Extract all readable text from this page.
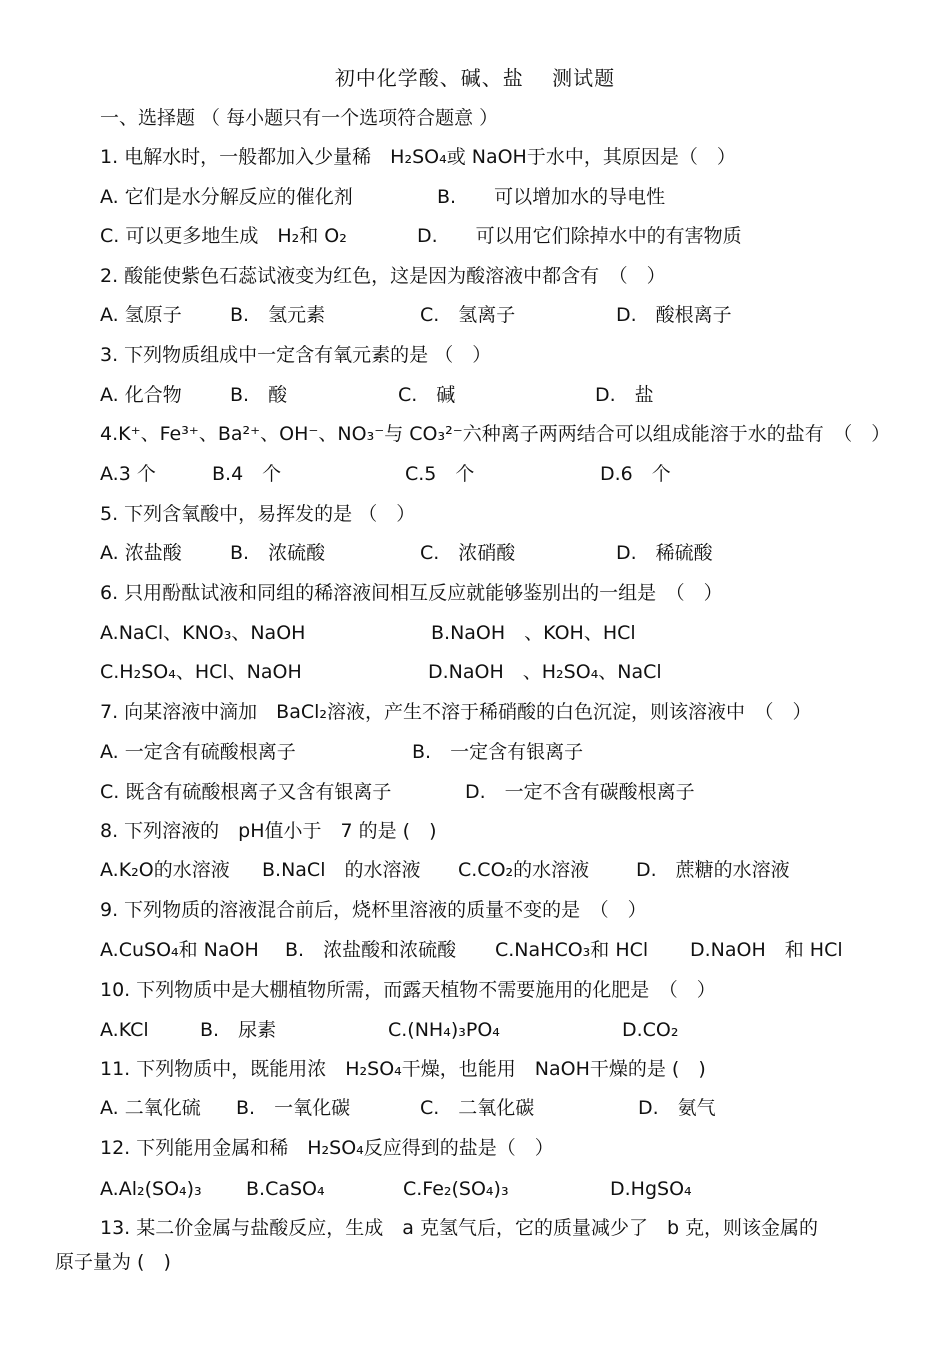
初中化学酸、碱、盐　 测试题
一、选择题 （ 每小题只有一个选项符合题意 ）
1. 电解水时，一般都加入少量稀　H₂SO₄或 NaOH于水中，其原因是（　）
A. 它们是水分解反应的催化剂	B.　　可以增加水的导电性
C. 可以更多地生成　H₂和 O₂	D.　　可以用它们除掉水中的有害物质
2. 酸能使紫色石蕊试液变为红色，这是因为酸溶液中都含有　（　）
A. 氢原子	B.　氢元素	C.　氢离子	D.　酸根离子
3. 下列物质组成中一定含有氧元素的是 （　）
A. 化合物	B.　酸	C.　碱	D.　盐
4.K⁺、Fe³⁺、Ba²⁺、OH⁻、NO₃⁻与 CO₃²⁻六种离子两两结合可以组成能溶于水的盐有　（　）
A.3 个	B.4　个	C.5　个	D.6　个
5. 下列含氧酸中，易挥发的是 （　）
A. 浓盐酸	B.　浓硫酸	C.　浓硝酸	D.　稀硫酸
6. 只用酚酞试液和同组的稀溶液间相互反应就能够鉴别出的一组是　（　）
A.NaCl、KNO₃、NaOH	B.NaOH　、KOH、HCl
C.H₂SO₄、HCl、NaOH	D.NaOH　、H₂SO₄、NaCl
7. 向某溶液中滴加　BaCl₂溶液，产生不溶于稀硝酸的白色沉淀，则该溶液中　（　）
A. 一定含有硫酸根离子	B.　一定含有银离子
C. 既含有硫酸根离子又含有银离子	D.　一定不含有碳酸根离子
8. 下列溶液的　pH值小于　7 的是 (　)
A.K₂O的水溶液 B.NaCl　的水溶液 C.CO₂的水溶液 D.　蔗糖的水溶液
9. 下列物质的溶液混合前后，烧杯里溶液的质量不变的是　（　）
A.CuSO₄和 NaOH B.　浓盐酸和浓硫酸 C.NaHCO₃和 HCl D.NaOH　和 HCl
10. 下列物质中是大棚植物所需，而露天植物不需要施用的化肥是　（　）
A.KCl	B.　尿素	C.(NH₄)₃PO₄	D.CO₂
11. 下列物质中，既能用浓　H₂SO₄干燥，也能用　NaOH干燥的是 (　)
A. 二氧化硫 B.　一氧化碳	C.　二氧化碳	D.　氨气
12. 下列能用金属和稀　H₂SO₄反应得到的盐是（　）
A.Al₂(SO₄)₃ B.CaSO₄	C.Fe₂(SO₄)₃	D.HgSO₄
13. 某二价金属与盐酸反应，生成　a 克氢气后，它的质量减少了　b 克，则该金属的
原子量为 (　)
